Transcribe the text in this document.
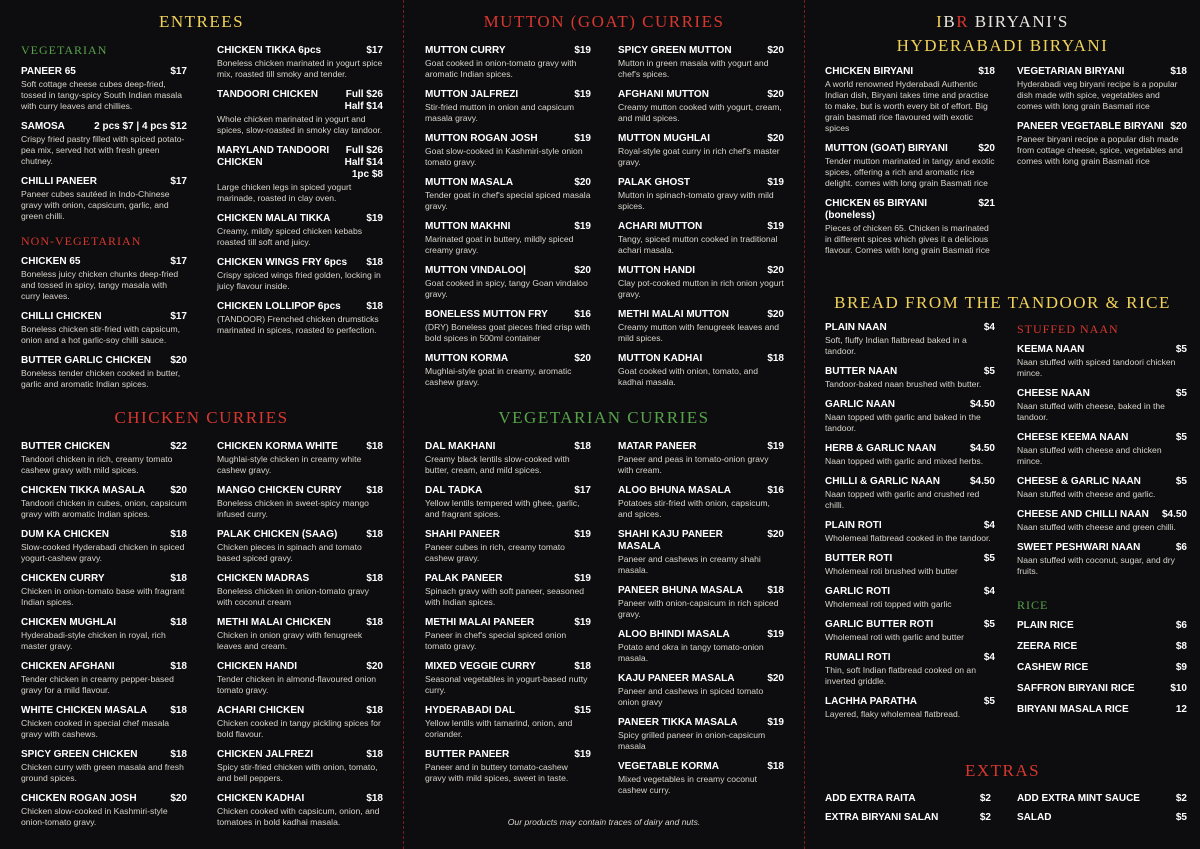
ENTREES
VEGETARIAN
PANEER 65	$17
Soft cottage cheese cubes deep-fried, tossed in tangy-spicy South Indian masala with curry leaves and chillies.
SAMOSA	2 pcs $7 | 4 pcs $12
Crispy fried pastry filled with spiced potato-pea mix, served hot with fresh green chutney.
CHILLI PANEER	$17
Paneer cubes sautéed in Indo-Chinese gravy with onion, capsicum, garlic, and green chilli.
NON-VEGETARIAN
CHICKEN 65	$17
Boneless juicy chicken chunks deep-fried and tossed in spicy, tangy masala with curry leaves.
CHILLI CHICKEN	$17
Boneless chicken stir-fried with capsicum, onion and a hot garlic-soy chilli sauce.
BUTTER GARLIC CHICKEN	$20
Boneless tender chicken cooked in butter, garlic and aromatic Indian spices.
CHICKEN TIKKA 6pcs	$17
Boneless chicken marinated in yogurt spice mix, roasted till smoky and tender.
TANDOORI CHICKEN	Full $26
Half $14
Whole chicken marinated in yogurt and spices, slow-roasted in smoky clay tandoor.
MARYLAND TANDOORI CHICKEN
Full $26
Half $14
1pc $8
Large chicken legs in spiced yogurt marinade, roasted in clay oven.
CHICKEN MALAI TIKKA	$19
Creamy, mildly spiced chicken kebabs roasted till soft and juicy.
CHICKEN WINGS FRY 6pcs	$18
Crispy spiced wings fried golden, locking in juicy flavour inside.
CHICKEN LOLLIPOP 6pcs	$18
(TANDOOR) Frenched chicken drumsticks marinated in spices, roasted to perfection.
CHICKEN CURRIES
BUTTER CHICKEN	$22
Tandoori chicken in rich, creamy tomato cashew gravy with mild spices.
CHICKEN TIKKA MASALA	$20
Tandoori chicken in cubes, onion, capsicum gravy with aromatic Indian spices.
DUM KA CHICKEN	$18
Slow-cooked Hyderabadi chicken in spiced yogurt-cashew gravy.
CHICKEN CURRY	$18
Chicken in onion-tomato base with fragrant Indian spices.
CHICKEN MUGHLAI	$18
Hyderabadi-style chicken in royal, rich master gravy.
CHICKEN AFGHANI	$18
Tender chicken in creamy pepper-based gravy for a mild flavour.
WHITE CHICKEN MASALA	$18
Chicken cooked in special chef masala gravy with cashews.
SPICY GREEN CHICKEN	$18
Chicken curry with green masala and fresh ground spices.
CHICKEN ROGAN JOSH	$20
Chicken slow-cooked in Kashmiri-style onion-tomato gravy.
CHICKEN KORMA WHITE	$18
Mughlai-style chicken in creamy white cashew gravy.
MANGO CHICKEN CURRY	$18
Boneless chicken in sweet-spicy mango infused curry.
PALAK CHICKEN (SAAG)	$18
Chicken pieces in spinach and tomato based spiced gravy.
CHICKEN MADRAS	$18
Boneless chicken in onion-tomato gravy with coconut cream
METHI MALAI CHICKEN	$18
Chicken in onion gravy with fenugreek leaves and cream.
CHICKEN HANDI	$20
Tender chicken in almond-flavoured onion tomato gravy.
ACHARI CHICKEN	$18
Chicken cooked in tangy pickling spices for bold flavour.
CHICKEN JALFREZI	$18
Spicy stir-fried chicken with onion, tomato, and bell peppers.
CHICKEN KADHAI	$18
Chicken cooked with capsicum, onion, and tomatoes in bold kadhai masala.
MUTTON (GOAT) CURRIES
MUTTON CURRY	$19
Goat cooked in onion-tomato gravy with aromatic Indian spices.
MUTTON JALFREZI	$19
Stir-fried mutton in onion and capsicum masala gravy.
MUTTON ROGAN JOSH	$19
Goat slow-cooked in Kashmiri-style onion tomato gravy.
MUTTON MASALA	$20
Tender goat in chef's special spiced masala gravy.
MUTTON MAKHNI	$19
Marinated goat in buttery, mildly spiced creamy gravy.
MUTTON VINDALOO|	$20
Goat cooked in spicy, tangy Goan vindaloo gravy.
BONELESS MUTTON FRY	$16
(DRY) Boneless goat pieces fried crisp with bold spices in 500ml container
MUTTON KORMA	$20
Mughlai-style goat in creamy, aromatic cashew gravy.
SPICY GREEN MUTTON	$20
Mutton in green masala with yogurt and chef's spices.
AFGHANI MUTTON	$20
Creamy mutton cooked with yogurt, cream, and mild spices.
MUTTON MUGHLAI	$20
Royal-style goat curry in rich chef's master gravy.
PALAK GHOST	$19
Mutton in spinach-tomato gravy with mild spices.
ACHARI MUTTON	$19
Tangy, spiced mutton cooked in traditional achari masala.
MUTTON HANDI	$20
Clay pot-cooked mutton in rich onion yogurt gravy.
METHI MALAI MUTTON	$20
Creamy mutton with fenugreek leaves and mild spices.
MUTTON KADHAI	$18
Goat cooked with onion, tomato, and kadhai masala.
VEGETARIAN CURRIES
DAL MAKHANI	$18
Creamy black lentils slow-cooked with butter, cream, and mild spices.
DAL TADKA	$17
Yellow lentils tempered with ghee, garlic, and fragrant spices.
SHAHI PANEER	$19
Paneer cubes in rich, creamy tomato cashew gravy.
PALAK PANEER	$19
Spinach gravy with soft paneer, seasoned with Indian spices.
METHI MALAI PANEER	$19
Paneer in chef's special spiced onion tomato gravy.
MIXED VEGGIE CURRY	$18
Seasonal vegetables in yogurt-based nutty curry.
HYDERABADI DAL	$15
Yellow lentils with tamarind, onion, and coriander.
BUTTER PANEER	$19
Paneer and in buttery tomato-cashew gravy with mild spices, sweet in taste.
MATAR PANEER	$19
Paneer and peas in tomato-onion gravy with cream.
ALOO BHUNA MASALA	$16
Potatoes stir-fried with onion, capsicum, and spices.
SHAHI KAJU PANEER MASALA
$20
Paneer and cashews in creamy shahi masala.
PANEER BHUNA MASALA	$18
Paneer with onion-capsicum in rich spiced gravy.
ALOO BHINDI MASALA	$19
Potato and okra in tangy tomato-onion masala.
KAJU PANEER MASALA	$20
Paneer and cashews in spiced tomato onion gravy
PANEER TIKKA MASALA	$19
Spicy grilled paneer in onion-capsicum masala
VEGETABLE KORMA	$18
Mixed vegetables in creamy coconut cashew curry.
Our products may contain traces of dairy and nuts.
IBR BIRYANI'S
HYDERABADI BIRYANI
CHICKEN BIRYANI	$18
A world renowned Hyderabadi Authentic Indian dish, Biryani takes time and practise to make, but is worth every bit of effort. Big grain basmati rice flavoured with exotic spices
MUTTON (GOAT) BIRYANI	$20
Tender mutton marinated in tangy and exotic spices, offering a rich and aromatic rice delight. comes with long grain Basmati rice
CHICKEN 65 BIRYANI (boneless)
$21
Pieces of chicken 65. Chicken is marinated in different spices which gives it a delicious flavour. Comes with long grain Basmati rice
VEGETARIAN BIRYANI	$18
Hyderabadi veg biryani recipe is a popular dish made with spice, vegetables and comes with long grain Basmati rice
PANEER VEGETABLE BIRYANI $20
Paneer biryani recipe a popular dish made from cottage cheese, spice, vegetables and comes with long grain Basmati rice
BREAD FROM THE TANDOOR & RICE
PLAIN NAAN	$4
Soft, fluffy Indian flatbread baked in a tandoor.
BUTTER NAAN	$5
Tandoor-baked naan brushed with butter.
GARLIC NAAN	$4.50
Naan topped with garlic and baked in the tandoor.
HERB & GARLIC NAAN	$4.50
Naan topped with garlic and mixed herbs.
CHILLI & GARLIC NAAN	$4.50
Naan topped with garlic and crushed red chilli.
PLAIN ROTI	$4
Wholemeal flatbread cooked in the tandoor.
BUTTER ROTI	$5
Wholemeal roti brushed with butter
GARLIC ROTI	$4
Wholemeal roti topped with garlic
GARLIC BUTTER ROTI	$5
Wholemeal roti with garlic and butter
RUMALI ROTI	$4
Thin, soft Indian flatbread cooked on an inverted griddle.
LACHHA PARATHA	$5
Layered, flaky wholemeal flatbread.
STUFFED NAAN
KEEMA NAAN	$5
Naan stuffed with spiced tandoori chicken mince.
CHEESE NAAN	$5
Naan stuffed with cheese, baked in the tandoor.
CHEESE KEEMA NAAN	$5
Naan stuffed with cheese and chicken mince.
CHEESE & GARLIC NAAN	$5
Naan stuffed with cheese and garlic.
CHEESE AND CHILLI NAAN	$4.50
Naan stuffed with cheese and green chilli.
SWEET PESHWARI NAAN	$6
Naan stuffed with coconut, sugar, and dry fruits.
RICE
PLAIN RICE	$6
ZEERA RICE	$8
CASHEW RICE	$9
SAFFRON BIRYANI RICE	$10
BIRYANI MASALA RICE	12
EXTRAS
ADD EXTRA RAITA	$2
EXTRA BIRYANI SALAN	$2
ADD EXTRA MINT SAUCE	$2
SALAD	$5
